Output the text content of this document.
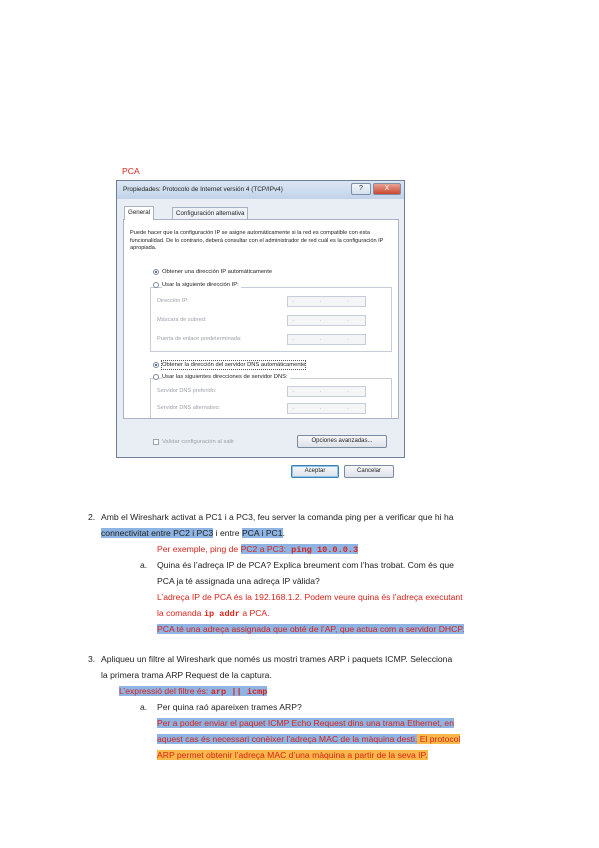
PCA
Propiedades: Protocolo de Internet versión 4 (TCP/IPv4)	?	X
Configuración alternativa
Puede hacer que la configuración IP se asigne automáticamente si la red es compatible con esta funcionalidad. De lo contrario, deberá consultar con el administrador de red cuál es la configuración IP apropiada.
Obtener una dirección IP automáticamente
Usar la siguiente dirección IP:
Dirección IP:	. . .
Máscara de subred:	. . .
Puerta de enlace predeterminada:	. . .
Obtener la dirección del servidor DNS automáticamente
Usar las siguientes direcciones de servidor DNS:
Servidor DNS preferido:	. . .
Servidor DNS alternativo:	. . .
General
Validar configuración al salir	Opciones avanzadas...
Aceptar	Cancelar
2. Amb el Wireshark activat a PC1 i a PC3, feu server la comanda ping per a verificar que hi ha
connectivitat entre PC2 i PC3 i entre PCA i PC1.
Per exemple, ping de PC2 a PC3: ping 10.0.0.3
a. Quina és l’adreça IP de PCA? Explica breument com l’has trobat. Com és que
PCA ja té assignada una adreça IP vàlida?
L’adreça IP de PCA és la 192.168.1.2. Podem veure quina és l’adreça executant
la comanda ip addr a PCA.
PCA té una adreça assignada que obté de l’AP, que actua com a servidor DHCP.
3. Apliqueu un filtre al Wireshark que només us mostri trames ARP i paquets ICMP. Selecciona
la primera trama ARP Request de la captura.
L’expressió del filtre és: arp || icmp
a. Per quina raó apareixen trames ARP?
Per a poder enviar el paquet ICMP Echo Request dins una trama Ethernet, en
aquest cas és necessari conèixer l’adreça MAC de la màquina desti. El protocol
ARP permet obtenir l’adreça MAC d’una màquina a partir de la seva IP.
